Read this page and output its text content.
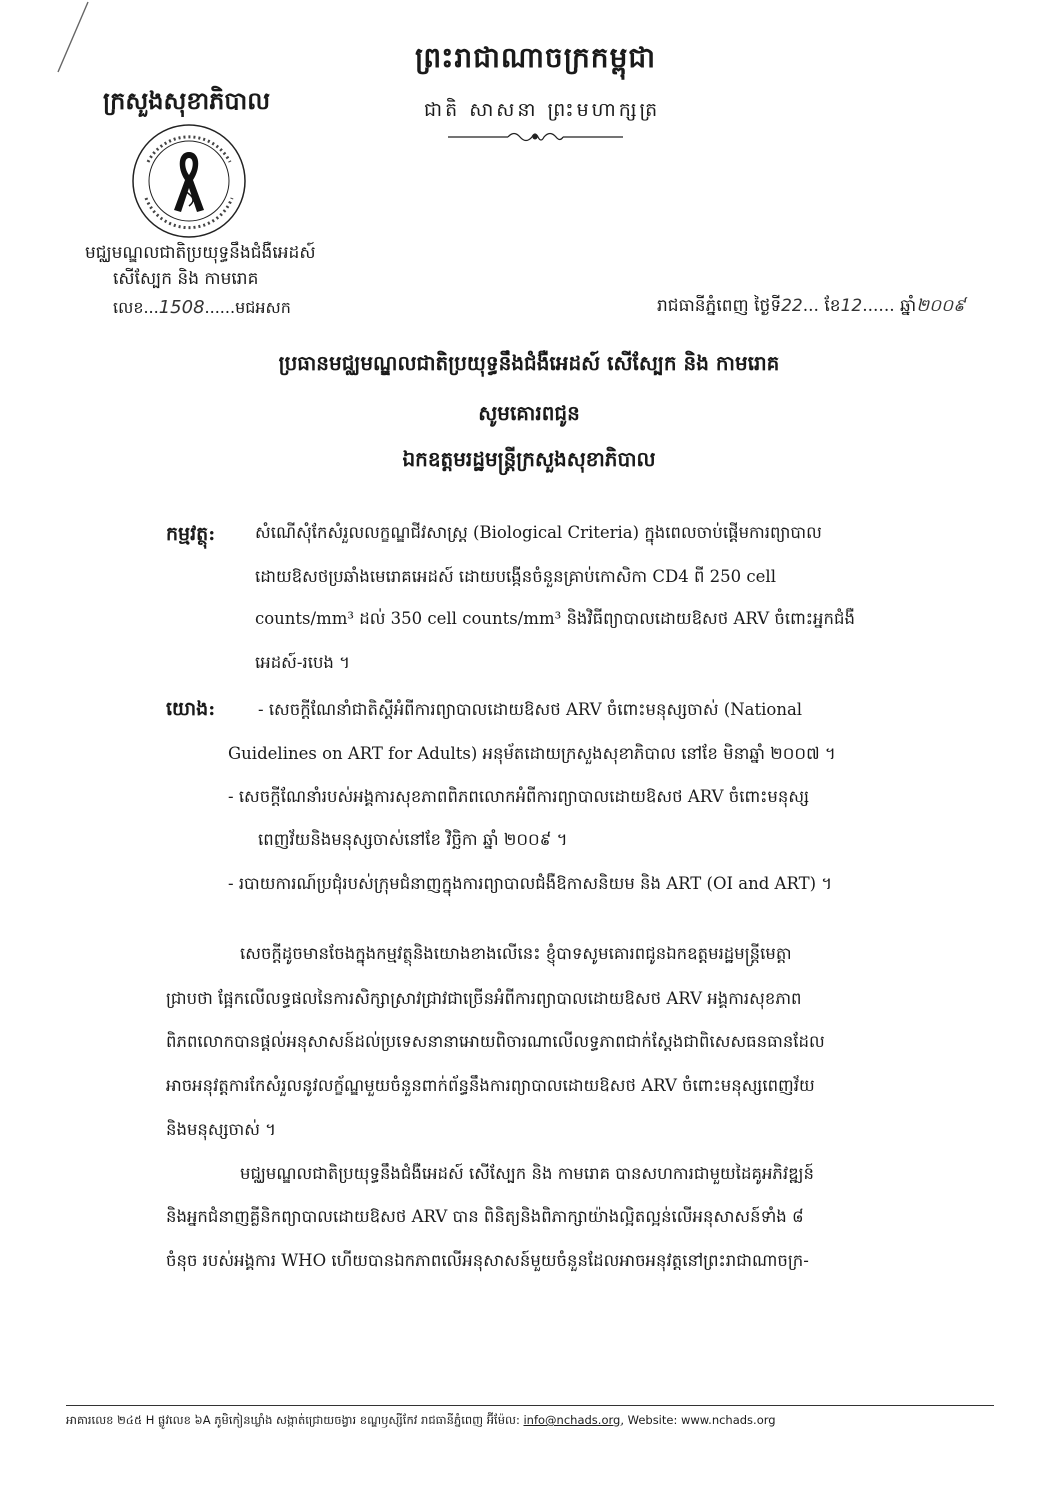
ព្រះរាជាណាចក្រកម្ពុជា
ជាតិ សាសនា ព្រះមហាក្សត្រ
ក្រសួងសុខាភិបាល
មជ្ឈមណ្ឌលជាតិប្រយុទ្ធនឹងជំងឺអេដស៍
សើស្បែក និង កាមរោគ
លេខ...1508......មជអសក	រាជធានីភ្នំពេញ ថ្ងៃទី22... ខែ12...... ឆ្នាំ២០០៩
ប្រធានមជ្ឈមណ្ឌលជាតិប្រយុទ្ធនឹងជំងឺអេដស៍ សើស្បែក និង កាមរោគ
សូមគោរពជូន
ឯកឧត្តមរដ្ឋមន្ត្រីក្រសួងសុខាភិបាល
កម្មវត្ថុ: សំណើសុំកែសំរួលលក្ខណ្ឌជីវសាស្ត្រ (Biological Criteria) ក្នុងពេលចាប់ផ្តើមការព្យាបាល
ដោយឱសថប្រឆាំងមេរោគអេដស៍ ដោយបង្កើនចំនួនគ្រាប់កោសិកា CD4 ពី 250 cell
counts/mm³ ដល់ 350 cell counts/mm³ និងវិធីព្យាបាលដោយឱសថ ARV ចំពោះអ្នកជំងឺ
អេដស៍-របេង ។
យោង:	- សេចក្តីណែនាំជាតិស្តីអំពីការព្យាបាលដោយឱសថ ARV ចំពោះមនុស្សចាស់ (National
Guidelines on ART for Adults) អនុម័តដោយក្រសួងសុខាភិបាល នៅខែ មិនាឆ្នាំ ២០០៧ ។
- សេចក្តីណែនាំរបស់អង្គការសុខភាពពិភពលោកអំពីការព្យាបាលដោយឱសថ ARV ចំពោះមនុស្ស
ពេញវ័យនិងមនុស្សចាស់នៅខែ វិច្ឆិកា ឆ្នាំ ២០០៩ ។
- របាយការណ៍ប្រជុំរបស់ក្រុមជំនាញក្នុងការព្យាបាលជំងឺឱកាសនិយម និង ART (OI and ART) ។
សេចក្តីដូចមានចែងក្នុងកម្មវត្ថុនិងយោងខាងលើនេះ ខ្ញុំបាទសូមគោរពជូនឯកឧត្តមរដ្ឋមន្ត្រីមេត្តា
ជ្រាបថា ផ្អែកលើលទ្ធផលនៃការសិក្សាស្រាវជ្រាវជាច្រើនអំពីការព្យាបាលដោយឱសថ ARV អង្គការសុខភាព
ពិភពលោកបានផ្តល់អនុសាសន៍ដល់ប្រទេសនានាអោយពិចារណាលើលទ្ធភាពជាក់ស្តែងជាពិសេសធនធានដែល
អាចអនុវត្តការកែសំរួលនូវលក្ខ័ណ្ឌមួយចំនួនពាក់ព័ន្ធនឹងការព្យាបាលដោយឱសថ ARV ចំពោះមនុស្សពេញវ័យ
និងមនុស្សចាស់ ។
មជ្ឈមណ្ឌលជាតិប្រយុទ្ធនឹងជំងឺអេដស៍ សើស្បែក និង កាមរោគ បានសហការជាមួយដៃគូអភិវឌ្ឍន៍
និងអ្នកជំនាញគ្លីនិកព្យាបាលដោយឱសថ ARV បាន ពិនិត្យនិងពិភាក្សាយ៉ាងល្អិតល្អន់លើអនុសាសន៍ទាំង ៨
ចំនុច របស់អង្គការ WHO ហើយបានឯកភាពលើអនុសាសន៍មួយចំនួនដែលអាចអនុវត្តនៅព្រះរាជាណាចក្រ-
អាគារលេខ ២៤៥ H ផ្លូវលេខ ៦A ភូមិកៀនឃ្លាំង សង្កាត់ជ្រោយចង្វារ ខណ្ឌឫស្សីកែវ រាជធានីភ្នំពេញ អ៊ីម៉ែល: info@nchads.org, Website: www.nchads.org
